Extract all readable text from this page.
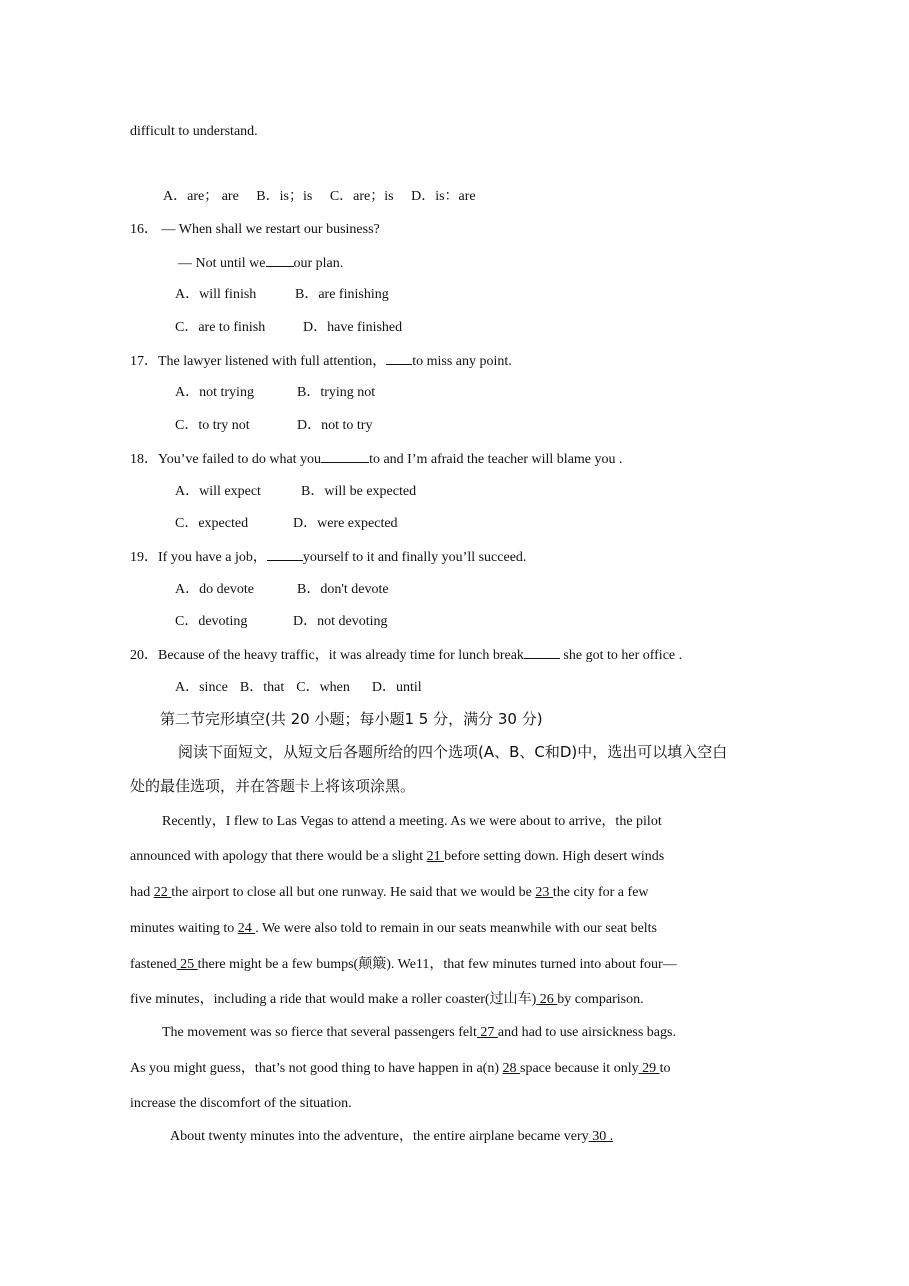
difficult to understand.
A．are； are B．is；is C．are；is D．is：are
16． — When shall we restart our business?
— Not until we our plan.
A．will finish	B．are finishing
C．are to finish	D．have finished
17．The lawyer listened with full attention， to miss any point.
A．not trying	B．trying not
C．to try not	D．not to try
18．You’ve failed to do what you	to and I’m afraid the teacher will blame you .
A．will expect	B．will be expected
C．expected	D．were expected
19．If you have a job，	yourself to it and finally you’ll succeed.
A．do devote	B．don't devote
C．devoting	D．not devoting
20．Because of the heavy traffic，it was already time for lunch break	she got to her office .
A．since B．that C．when D．until
第二节完形填空(共 20 小题；每小题1 5 分，满分 30 分)
阅读下面短文，从短文后各题所给的四个选项(A、B、C和D)中，选出可以填入空白
处的最佳选项，并在答题卡上将该项涂黑。
Recently，I flew to Las Vegas to attend a meeting. As we were about to arrive，the pilot
announced with apology that there would be a slight 21 before setting down. High desert winds
had 22 the airport to close all but one runway. He said that we would be 23 the city for a few
minutes waiting to 24 . We were also told to remain in our seats meanwhile with our seat belts
fastened 25 there might be a few bumps(颠簸). We11，that few minutes turned into about four—
five minutes，including a ride that would make a roller coaster(过山车) 26 by comparison.
The movement was so fierce that several passengers felt 27 and had to use airsickness bags.
As you might guess，that’s not good thing to have happen in a(n) 28 space because it only 29 to
increase the discomfort of the situation.
About twenty minutes into the adventure，the entire airplane became very 30 .
